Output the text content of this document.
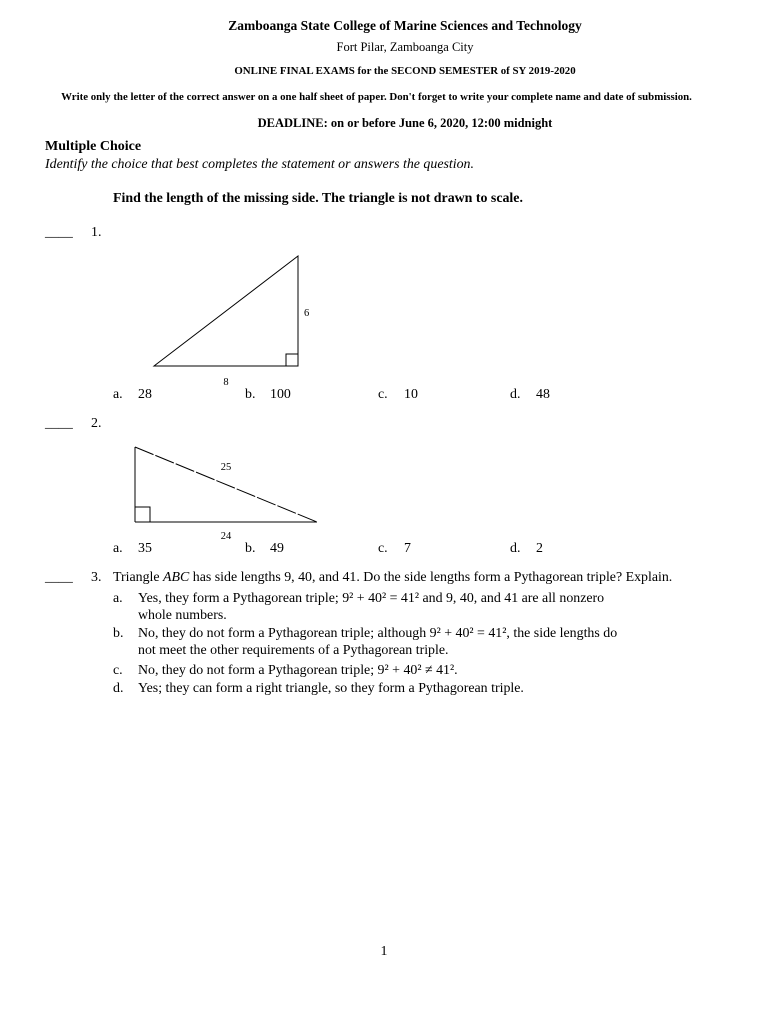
Zamboanga State College of Marine Sciences and Technology
Fort Pilar, Zamboanga City
ONLINE FINAL EXAMS for the SECOND SEMESTER of SY 2019-2020
Write only the letter of the correct answer on a one half sheet of paper. Don't forget to write your complete name and date of submission.
DEADLINE: on or before June 6, 2020, 12:00 midnight
Multiple Choice
Identify the choice that best completes the statement or answers the question.
Find the length of the missing side. The triangle is not drawn to scale.
____ 1.
6
8
a. 28	b. 100	c. 10	d. 48
____ 2.
25
24
a. 35	b. 49	c. 7	d. 2
____ 3. Triangle ABC has side lengths 9, 40, and 41. Do the side lengths form a Pythagorean triple? Explain.
a. Yes, they form a Pythagorean triple; 9² + 40² = 41² and 9, 40, and 41 are all nonzero
whole numbers.
b. No, they do not form a Pythagorean triple; although 9² + 40² = 41², the side lengths do
not meet the other requirements of a Pythagorean triple.
c. No, they do not form a Pythagorean triple; 9² + 40² ≠ 41².
d. Yes; they can form a right triangle, so they form a Pythagorean triple.
1
